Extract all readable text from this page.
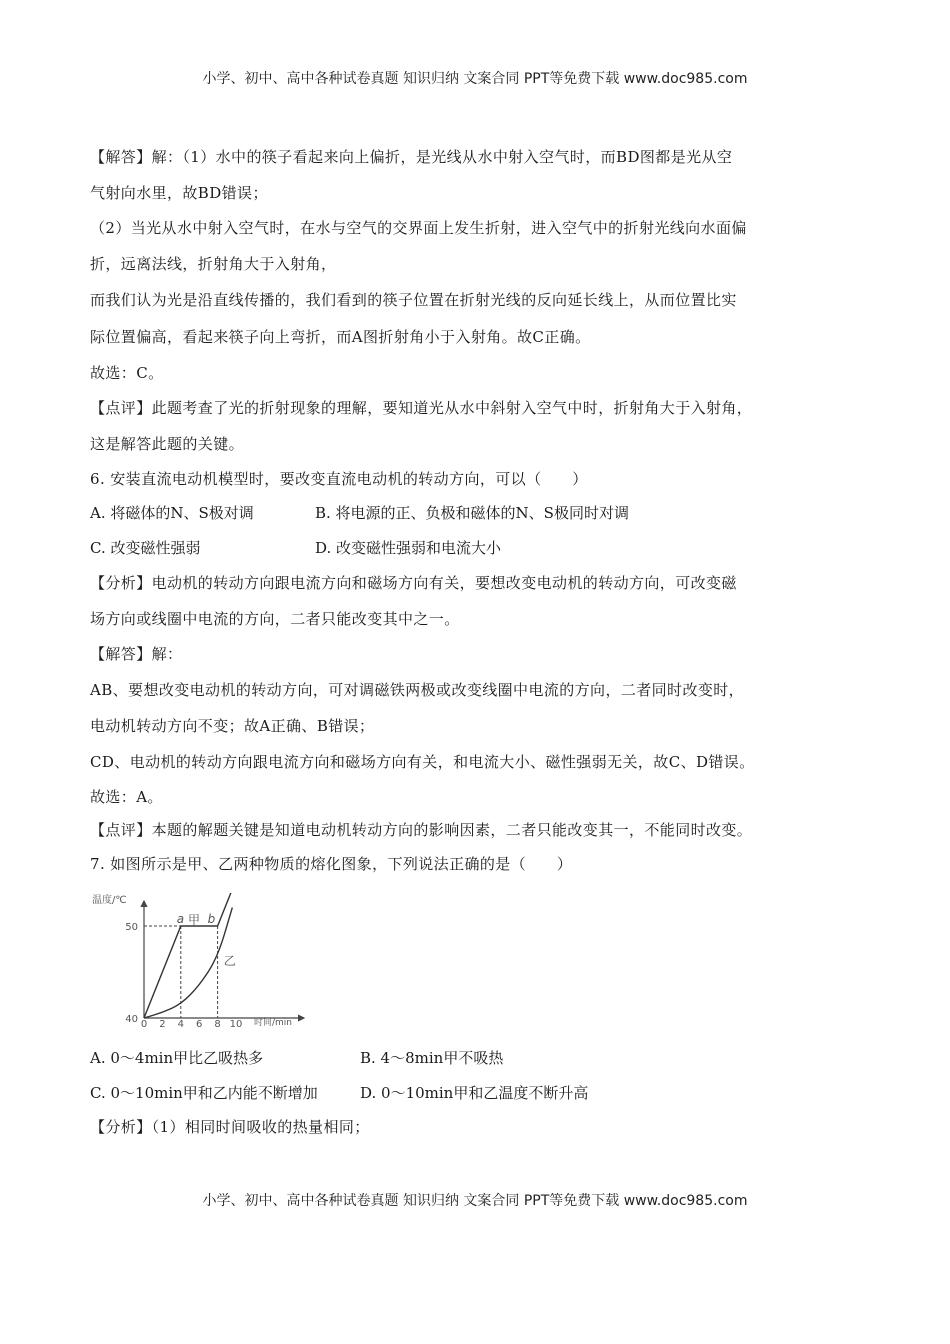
小学、初中、高中各种试卷真题 知识归纳 文案合同 PPT等免费下载 www.doc985.com
【解答】解：（1）水中的筷子看起来向上偏折，是光线从水中射入空气时，而BD图都是光从空
气射向水里，故BD错误；
（2）当光从水中射入空气时，在水与空气的交界面上发生折射，进入空气中的折射光线向水面偏
折，远离法线，折射角大于入射角，
而我们认为光是沿直线传播的，我们看到的筷子位置在折射光线的反向延长线上，从而位置比实
际位置偏高，看起来筷子向上弯折，而A图折射角小于入射角。故C正确。
故选：C。
【点评】此题考查了光的折射现象的理解，要知道光从水中斜射入空气中时，折射角大于入射角，
这是解答此题的关键。
6. 安装直流电动机模型时，要改变直流电动机的转动方向，可以（　　）
A. 将磁体的N、S极对调	B. 将电源的正、负极和磁体的N、S极同时对调
C. 改变磁性强弱	D. 改变磁性强弱和电流大小
【分析】电动机的转动方向跟电流方向和磁场方向有关，要想改变电动机的转动方向，可改变磁
场方向或线圈中电流的方向，二者只能改变其中之一。
【解答】解：
AB、要想改变电动机的转动方向，可对调磁铁两极或改变线圈中电流的方向，二者同时改变时，
电动机转动方向不变；故A正确、B错误；
CD、电动机的转动方向跟电流方向和磁场方向有关，和电流大小、磁性强弱无关，故C、D错误。
故选：A。
【点评】本题的解题关键是知道电动机转动方向的影响因素，二者只能改变其一，不能同时改变。
7. 如图所示是甲、乙两种物质的熔化图象，下列说法正确的是（　　）
0 2 4 6 8 10
40
50
温度/℃
时间/min
a b
甲
乙
A. 0～4min甲比乙吸热多	B. 4～8min甲不吸热
C. 0～10min甲和乙内能不断增加	D. 0～10min甲和乙温度不断升高
【分析】（1）相同时间吸收的热量相同；
小学、初中、高中各种试卷真题 知识归纳 文案合同 PPT等免费下载 www.doc985.com
